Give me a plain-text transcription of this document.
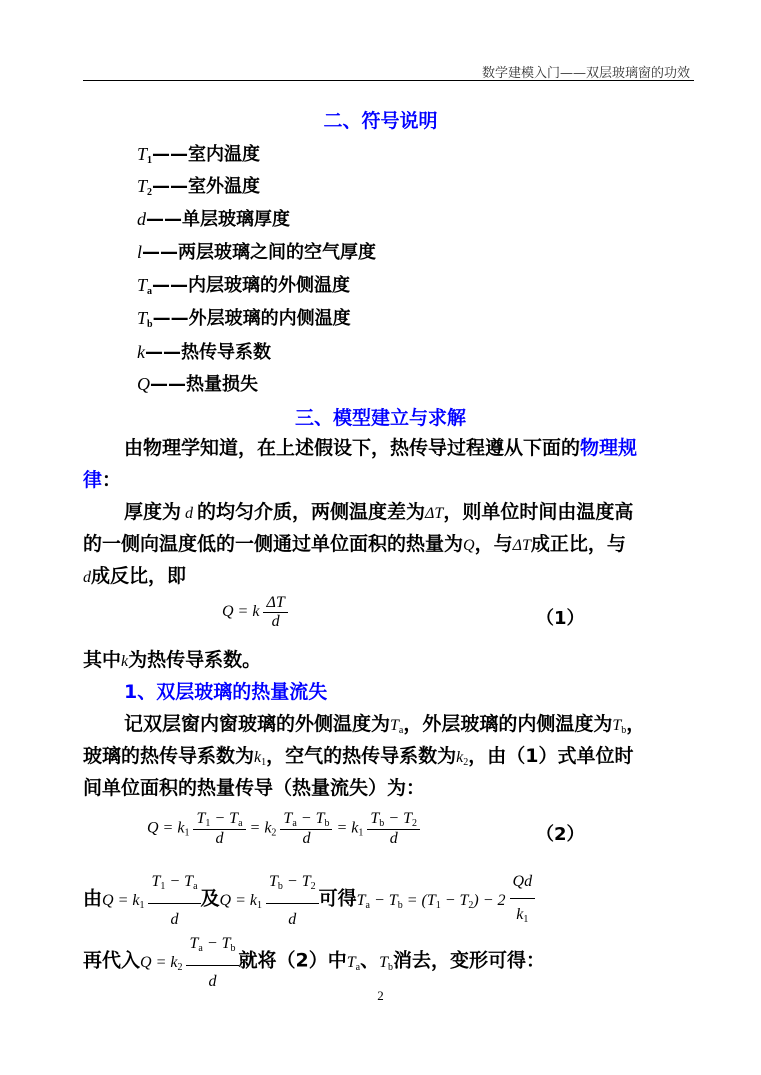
数学建模入门——双层玻璃窗的功效
二、符号说明
$T_1——$室内温度
$T_2——$室外温度
d——单层玻璃厚度
l——两层玻璃之间的空气厚度
$T_a——$内层玻璃的外侧温度
$T_b——$外层玻璃的内侧温度
k——热传导系数
Q——热量损失
三、模型建立与求解
由物理学知道，在上述假设下，热传导过程遵从下面的物理规
律：
厚度为 d 的均匀介质，两侧温度差为ΔT，则单位时间由温度高
的一侧向温度低的一侧通过单位面积的热量为Q，与ΔT成正比，与
d成反比，即
Q = k $\frac{\Delta T}{d}$	（1）
其中k为热传导系数。
1、双层玻璃的热量流失
记双层窗内窗玻璃的外侧温度为$T_a$，外层玻璃的内侧温度为$T_b$，
玻璃的热传导系数为$k_1$，空气的热传导系数为$k_2$，由（1）式单位时
间单位面积的热量传导（热量流失）为：
$Q = k_1 \frac{T_1 - T_a}{d} = k_2 \frac{T_a - T_b}{d} = k_1 \frac{T_b - T_2}{d}$	（2）
由$Q = k_1 \frac{T_1 - T_a}{d}$ 及$Q = k_1 \frac{T_b - T_2}{d}$ 可得$T_a - T_b = (T_1 - T_2) - 2 \frac{Qd}{k_1}$
再代入$Q = k_2 \frac{T_a - T_b}{d}$ 就将（2）中$T_a$、$T_b$消去，变形可得：
2
